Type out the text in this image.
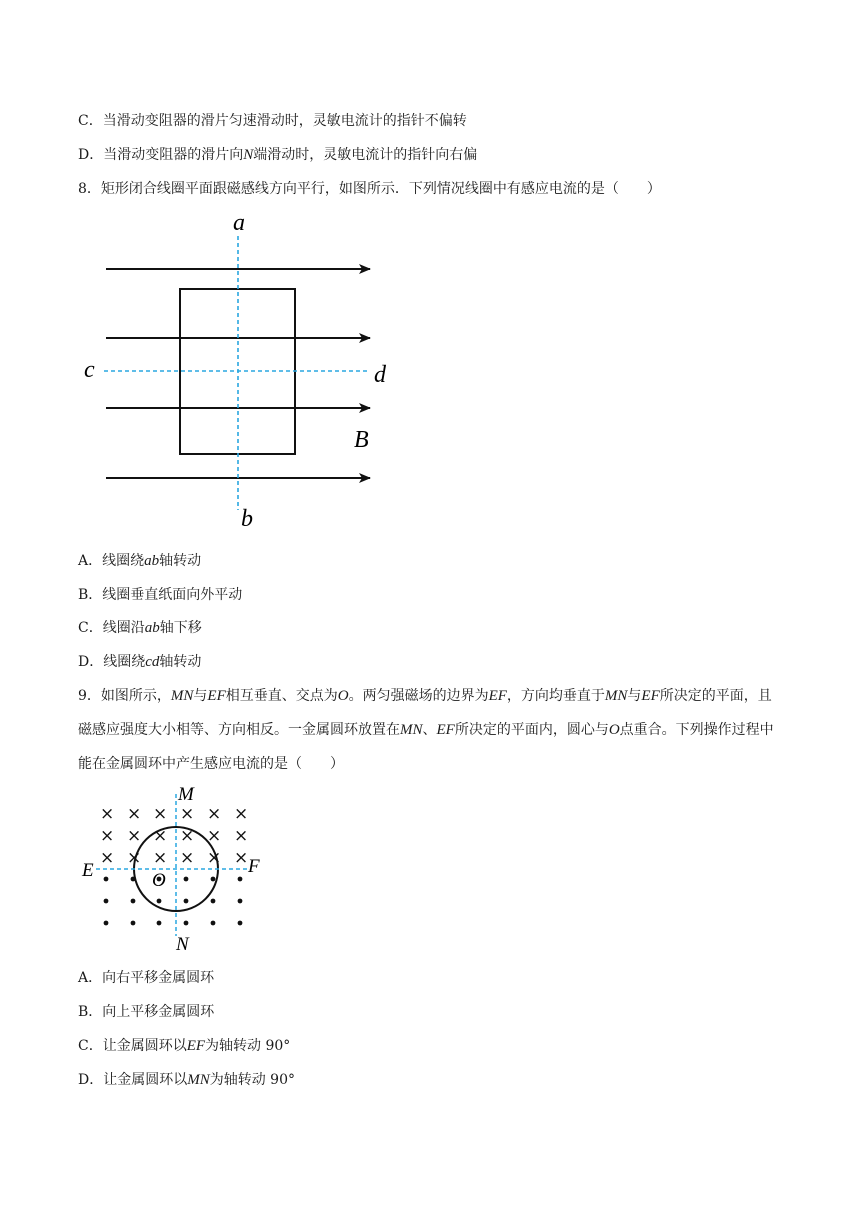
C．当滑动变阻器的滑片匀速滑动时，灵敏电流计的指针不偏转
D．当滑动变阻器的滑片向N端滑动时，灵敏电流计的指针向右偏
8．矩形闭合线圈平面跟磁感线方向平行，如图所示．下列情况线圈中有感应电流的是（　　）
a
b
c	d
B
A．线圈绕ab轴转动
B．线圈垂直纸面向外平动
C．线圈沿ab轴下移
D．线圈绕cd轴转动
9．如图所示，MN与EF相互垂直、交点为O。两匀强磁场的边界为EF，方向均垂直于MN与EF所决定的平面，且磁感应强度大小相等、方向相反。一金属圆环放置在MN、EF所决定的平面内，圆心与O点重合。下列操作过程中能在金属圆环中产生感应电流的是（　　）
× × × × × ×
× × × × × ×
× × × × × ×
M
N
E	F
O
A．向右平移金属圆环
B．向上平移金属圆环
C．让金属圆环以EF为轴转动 90°
D．让金属圆环以MN为轴转动 90°
